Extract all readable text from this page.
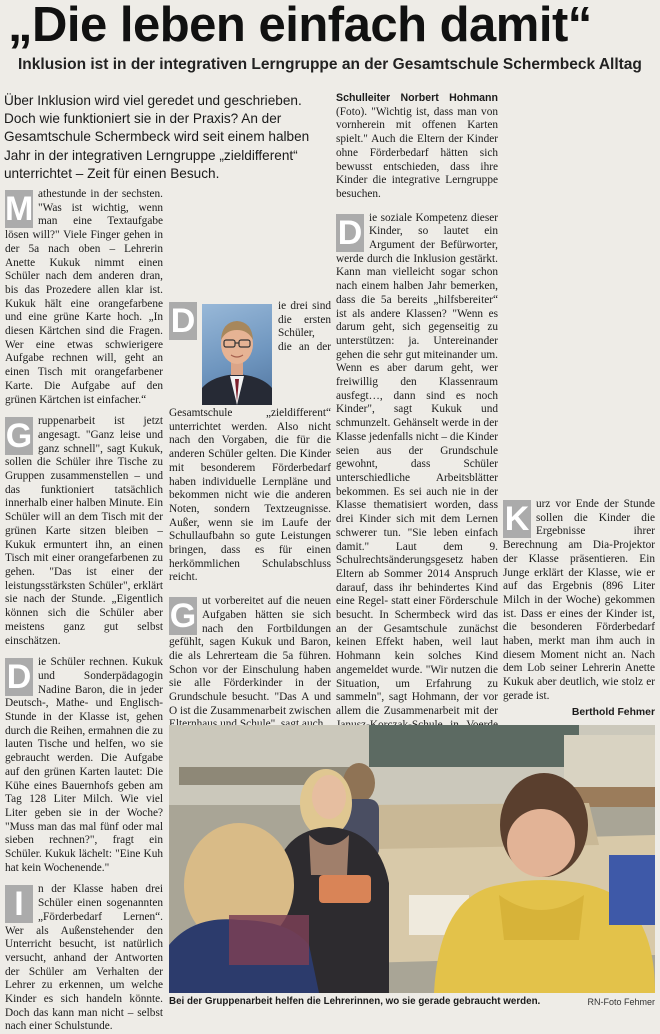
„Die leben einfach damit“
Inklusion ist in der integrativen Lerngruppe an der Gesamtschule Schermbeck Alltag
Über Inklusion wird viel geredet und geschrieben. Doch wie funktioniert sie in der Praxis? An der Gesamtschule Schermbeck wird seit einem halben Jahr in der integrativen Lerngruppe „zieldifferent“ unterrichtet – Zeit für einen Besuch.
M athestunde in der sechsten. "Was ist wichtig, wenn man eine Textaufgabe lösen will?" Viele Finger gehen in der 5a nach oben – Lehrerin Anette Kukuk nimmt einen Schüler nach dem anderen dran, bis das Prozedere allen klar ist. Kukuk hält eine orangefarbene und eine grüne Karte hoch. „In diesen Kärtchen sind die Fragen. Wer eine etwas schwierigere Aufgabe rechnen will, geht an einen Tisch mit orangefarbener Karte. Die Aufgabe auf den grünen Kärtchen ist einfacher.“

G ruppenarbeit ist jetzt angesagt. "Ganz leise und ganz schnell", sagt Kukuk, sollen die Schüler ihre Tische zu Gruppen zusammenstellen – und das funktioniert tatsächlich innerhalb einer halben Minute. Ein Schüler will an dem Tisch mit der grünen Karte sitzen bleiben – Kukuk ermuntert ihn, an einen Tisch mit einer orangefarbenen zu gehen. "Das ist einer der leistungsstärksten Schüler", erklärt sie nach der Stunde. „Eigentlich können sich die Schüler aber meistens ganz gut selbst einschätzen.

D ie Schüler rechnen. Kukuk und Sonderpädagogin Nadine Baron, die in jeder Deutsch-, Mathe- und Englisch-Stunde in der Klasse ist, gehen durch die Reihen, ermahnen die zu lauten Tische und helfen, wo sie gebraucht werden. Die Aufgabe auf den grünen Karten lautet: Die Kühe eines Bauernhofs geben am Tag 128 Liter Milch. Wie viel Liter geben sie in der Woche? "Muss man das mal fünf oder mal sieben rechnen?", fragt ein Schüler. Kukuk lächelt: "Eine Kuh hat kein Wochenende."

I	n der Klasse haben drei Schüler einen sogenannten „Förderbedarf Lernen“. Wer als Außenstehender den Unterricht besucht, ist natürlich versucht, anhand der Antworten der Schüler am Verhalten der Lehrer zu erkennen, um welche Kinder es sich handeln könnte. Doch das kann man nicht – selbst nach einer Schulstunde.

D	ie drei sind die ersten Schüler, die an der Gesamtschule „zieldifferent“ unterrichtet werden. Also nicht nach den Vorgaben, die für die anderen Schüler gelten. Die Kinder mit besonderem Förderbedarf haben individuelle Lernpläne und bekommen nicht wie die anderen Noten, sondern Textzeugnisse. Außer, wenn sie im Laufe der Schullaufbahn so gute Leistungen bringen, dass es für einen herkömmlichen Schulabschluss reicht.

G ut vorbereitet auf die neuen Aufgaben hätten sie sich nach den Fortbildungen gefühlt, sagen Kukuk und Baron, die als Lehrerteam die 5a führen. Schon vor der Einschulung haben sie alle Förderkinder in der Grundschule besucht. "Das A und O ist die Zusammenarbeit zwischen

Schulleiter Norbert Hohmann (Foto). "Wichtig ist, dass man von vornherein mit offenen Karten spielt." Auch die Eltern der Kinder ohne Förderbedarf hätten sich bewusst entschieden, dass ihre Kinder die integrative Lerngruppe besuchen.

D ie soziale Kompetenz dieser Kinder, so lautet ein Argument der Befürworter, werde durch die Inklusion gestärkt. Kann man vielleicht sogar schon nach einem halben Jahr bemerken, dass die 5a bereits „hilfsbereiter“ ist als andere Klassen? "Wenn es darum geht, sich gegenseitig zu unterstützen: ja. Untereinander gehen die sehr gut miteinander um. Wenn es aber darum geht, wer freiwillig den Klassenraum ausfegt…, dann sind es noch Kinder", sagt Kukuk und schmunzelt. Gehänselt werde in der Klasse jedenfalls nicht – die Kinder seien aus der Grundschule gewohnt, dass Schüler unterschiedliche Arbeitsblätter bekommen. Es sei auch nie in der Klasse thematisiert worden, dass drei Kinder sich mit dem Lernen schwerer tun. "Sie leben einfach damit." Laut dem 9. Schulrechtsänderungsgesetz haben Eltern ab Sommer 2014 Anspruch darauf, dass ihr behindertes Kind eine Regel- statt einer Förderschule besucht. In Schermbeck wird das an der Gesamtschule zunächst keinen Effekt haben, weil laut Hohmann kein solches Kind angemeldet wurde. "Wir nutzen die Situation, um Erfahrung zu sammeln", sagt Hohmann, der vor allem die Zusammenarbeit mit der

K urz vor Ende der Stunde sollen die Kinder die Ergebnisse ihrer Berechnung am Dia-Projektor der Klasse präsentieren. Ein Junge erklärt der Klasse, wie er auf das Ergebnis (896 Liter Milch in der Woche) gekommen ist. Dass er eines der Kinder ist, die besonderen Förderbedarf haben, merkt man ihm auch in diesem Moment nicht an. Nach dem Lob seiner Lehrerin Anette Kukuk aber deutlich, wie stolz er gerade ist.

Berthold Fehmer
Bei der Gruppenarbeit helfen die Lehrerinnen, wo sie gerade gebraucht werden.	RN-Foto Fehmer
